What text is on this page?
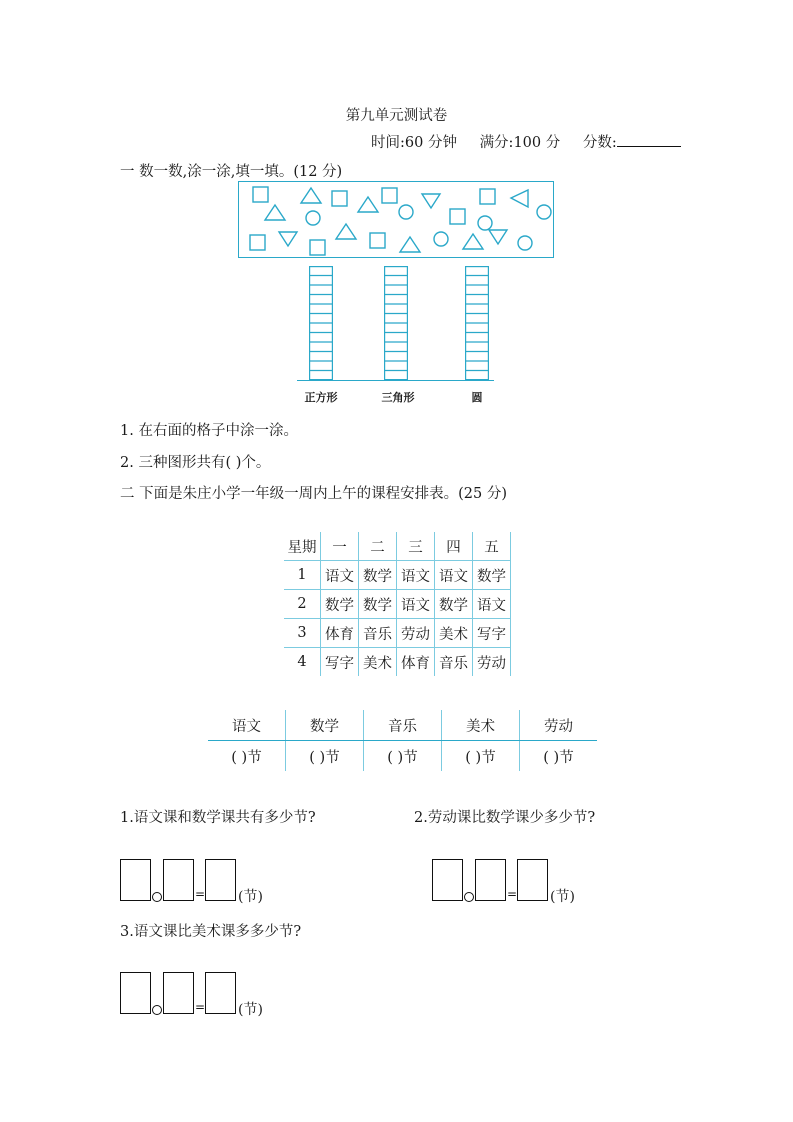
第九单元测试卷
时间:60 分钟 满分:100 分 分数:
一 数一数,涂一涂,填一填。(12 分)
正方形	三角形	圆
1. 在右面的格子中涂一涂。
2. 三种图形共有( )个。
二 下面是朱庄小学一年级一周内上午的课程安排表。(25 分)
星期	一	二	三	四	五
1	语文	数学	语文	语文	数学
2	数学	数学	语文	数学	语文
3	体育	音乐	劳动	美术	写字
4	写字	美术	体育	音乐	劳动
语文	数学	音乐	美术	劳动
( )节	( )节	( )节	( )节	( )节
1.语文课和数学课共有多少节?	2.劳动课比数学课少多少节?
= (节)	= (节)
3.语文课比美术课多多少节?
= (节)
